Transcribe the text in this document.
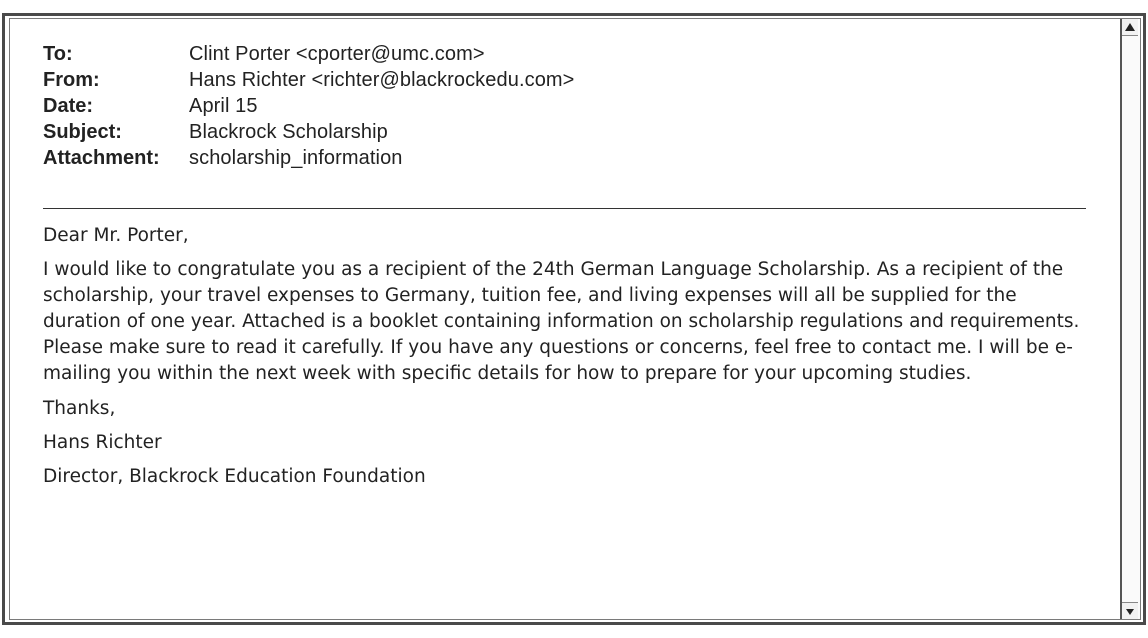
To:	Clint Porter <cporter@umc.com>
From:	Hans Richter <richter@blackrockedu.com>
Date:	April 15
Subject:	Blackrock Scholarship
Attachment:	scholarship_information

Dear Mr. Porter,

I would like to congratulate you as a recipient of the 24th German Language Scholarship. As a recipient of the scholarship, your travel expenses to Germany, tuition fee, and living expenses will all be supplied for the duration of one year. Attached is a booklet containing information on scholarship regulations and requirements. Please make sure to read it carefully. If you have any questions or concerns, feel free to contact me. I will be e-mailing you within the next week with specific details for how to prepare for your upcoming studies.

Thanks,

Hans Richter

Director, Blackrock Education Foundation
